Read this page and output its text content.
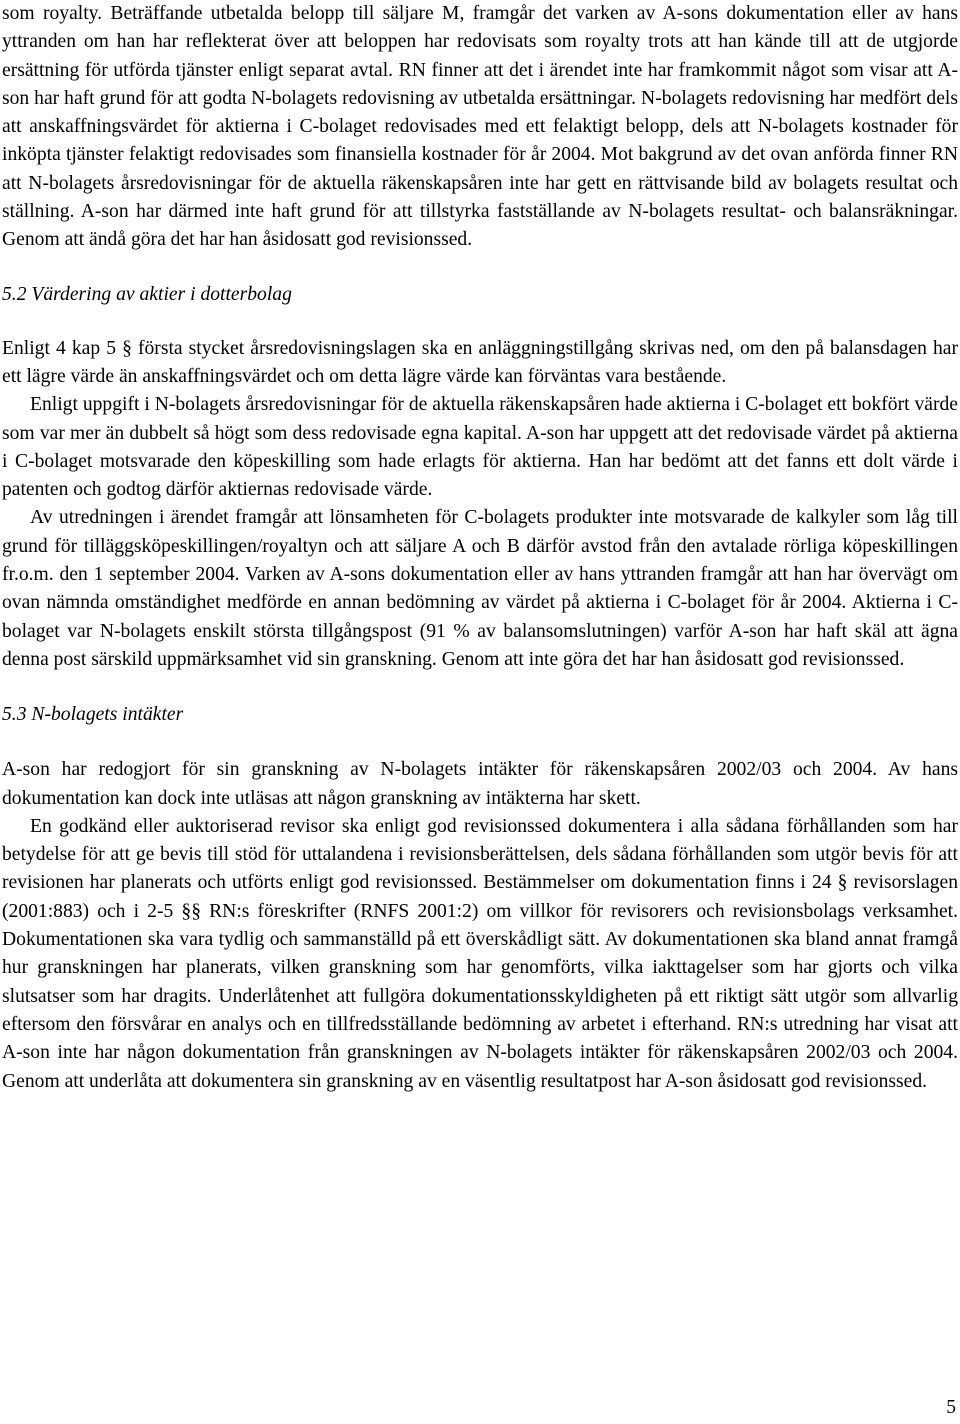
som royalty. Beträffande utbetalda belopp till säljare M, framgår det varken av A-sons dokumentation eller av hans yttranden om han har reflekterat över att beloppen har redovisats som royalty trots att han kände till att de utgjorde ersättning för utförda tjänster enligt separat avtal. RN finner att det i ärendet inte har framkommit något som visar att A-son har haft grund för att godta N-bolagets redovisning av utbetalda ersättningar. N-bolagets redovisning har medfört dels att anskaffningsvärdet för aktierna i C-bolaget redovisades med ett felaktigt belopp, dels att N-bolagets kostnader för inköpta tjänster felaktigt redovisades som finansiella kostnader för år 2004. Mot bakgrund av det ovan anförda finner RN att N-bolagets årsredovisningar för de aktuella räkenskapsåren inte har gett en rättvisande bild av bolagets resultat och ställning. A-son har därmed inte haft grund för att tillstyrka fastställande av N-bolagets resultat- och balansräkningar. Genom att ändå göra det har han åsidosatt god revisionssed.

5.2 Värdering av aktier i dotterbolag

Enligt 4 kap 5 § första stycket årsredovisningslagen ska en anläggningstillgång skrivas ned, om den på balansdagen har ett lägre värde än anskaffningsvärdet och om detta lägre värde kan förväntas vara bestående.

Enligt uppgift i N-bolagets årsredovisningar för de aktuella räkenskapsåren hade aktierna i C-bolaget ett bokfört värde som var mer än dubbelt så högt som dess redovisade egna kapital. A-son har uppgett att det redovisade värdet på aktierna i C-bolaget motsvarade den köpeskilling som hade erlagts för aktierna. Han har bedömt att det fanns ett dolt värde i patenten och godtog därför aktiernas redovisade värde.

Av utredningen i ärendet framgår att lönsamheten för C-bolagets produkter inte motsvarade de kalkyler som låg till grund för tilläggsköpeskillingen/royaltyn och att säljare A och B därför avstod från den avtalade rörliga köpeskillingen fr.o.m. den 1 september 2004. Varken av A-sons dokumentation eller av hans yttranden framgår att han har övervägt om ovan nämnda omständighet medförde en annan bedömning av värdet på aktierna i C-bolaget för år 2004. Aktierna i C-bolaget var N-bolagets enskilt största tillgångspost (91 % av balansomslutningen) varför A-son har haft skäl att ägna denna post särskild uppmärksamhet vid sin granskning. Genom att inte göra det har han åsidosatt god revisionssed.

5.3 N-bolagets intäkter

A-son har redogjort för sin granskning av N-bolagets intäkter för räkenskapsåren 2002/03 och 2004. Av hans dokumentation kan dock inte utläsas att någon granskning av intäkterna har skett.

En godkänd eller auktoriserad revisor ska enligt god revisionssed dokumentera i alla sådana förhållanden som har betydelse för att ge bevis till stöd för uttalandena i revisionsberättelsen, dels sådana förhållanden som utgör bevis för att revisionen har planerats och utförts enligt god revisionssed. Bestämmelser om dokumentation finns i 24 § revisorslagen (2001:883) och i 2-5 §§ RN:s föreskrifter (RNFS 2001:2) om villkor för revisorers och revisionsbolags verksamhet. Dokumentationen ska vara tydlig och sammanställd på ett överskådligt sätt. Av dokumentationen ska bland annat framgå hur granskningen har planerats, vilken granskning som har genomförts, vilka iakttagelser som har gjorts och vilka slutsatser som har dragits. Underlåtenhet att fullgöra dokumentationsskyldigheten på ett riktigt sätt utgör som allvarlig eftersom den försvårar en analys och en tillfredsställande bedömning av arbetet i efterhand. RN:s utredning har visat att A-son inte har någon dokumentation från granskningen av N-bolagets intäkter för räkenskapsåren 2002/03 och 2004. Genom att underlåta att dokumentera sin granskning av en väsentlig resultatpost har A-son åsidosatt god revisionssed.

5
